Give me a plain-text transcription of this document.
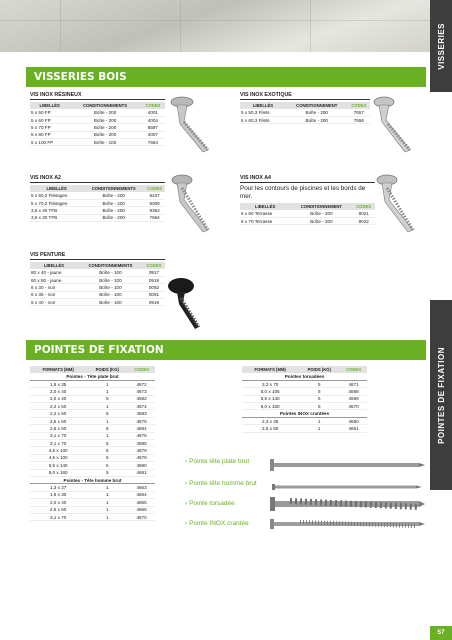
VISSERIES
POINTES DE FIXATION
VISSERIES BOIS
VIS INOX RÉSINEUX
LIBELLÉS	CONDITIONNEMENTS	CODES
5 x 50 FP	Boîte - 200	4001
5 x 60 FP	Boîte - 200	4004
5 x 70 FP	Boîte - 200	8597
5 x 80 FP	Boîte - 200	4007
6 x 100 FP	Boîte - 100	7664
VIS INOX EXOTIQUE
LIBELLÉS	CONDITIONNEMENT	CODES
5 x 50,3 Filets	Boîte - 200	7657
5 x 60,3 Filets	Boîte - 200	7656
VIS INOX A2
LIBELLÉS	CONDITIONNEMENTS	CODES
5 x 60,2 Filetages	Boîte - 200	8437
5 x 70,2 Filetages	Boîte - 200	8009
3,5 x 40 TFB	Boîte - 200	9362
3,5 x 30 TFB	Boîte - 200	7664
VIS INOX A4
Pour les contours de piscines et les bords de mer.
LIBELLÉS	CONDITIONNEMENT	CODES
5 x 60 Terrasse	Boîte - 200	9021
5 x 70 Terrasse	Boîte - 200	9022
VIS PENTURE
LIBELLÉS	CONDITIONNEMENTS	CODES
60 x 40 - jaune	Boîte - 100	0917
60 x 50 - jaune	Boîte - 100	0918
6 x 30 - noir	Boîte - 100	0092
6 x 35 - noir	Boîte - 100	0091
6 x 40 - noir	Boîte - 100	0919
POINTES DE FIXATION
FORMATS (MM)	POIDS (KG)	CODES
Pointes - Tête plate brut		
1,8 x 35	1	4672
2,0 x 40	1	4673
2,0 x 40	5	4682
2,2 x 50	1	4674
2,2 x 50	5	4683
2,5 x 60	1	4675
2,5 x 60	5	4684
3,1 x 70	1	4676
3,1 x 70	5	4685
4,5 x 100	5	4679
4,5 x 100	5	4679
5,5 x 140	5	4680
6,0 x 160	5	4681
Pointes - Tête homme brut		
1,3 x 27	1	4663
1,6 x 30	1	4664
2,0 x 40	1	4665
2,5 x 60	1	4666
3,1 x 70	1	4670
FORMATS (MM)	POIDS (KG)	CODES
Pointes torsadées		
3,2 x 70	5	4671
5,0 x 105	5	4668
5,5 x 140	5	4669
6,0 x 160	5	4670
Pointes INOX crantées		
2,3 x 45	1	4660
2,5 x 50	1	4661
› Pointe tête plate brut
› Pointe tête homme brut
› Pointe torsadée
› Pointe INOX crantée
57
